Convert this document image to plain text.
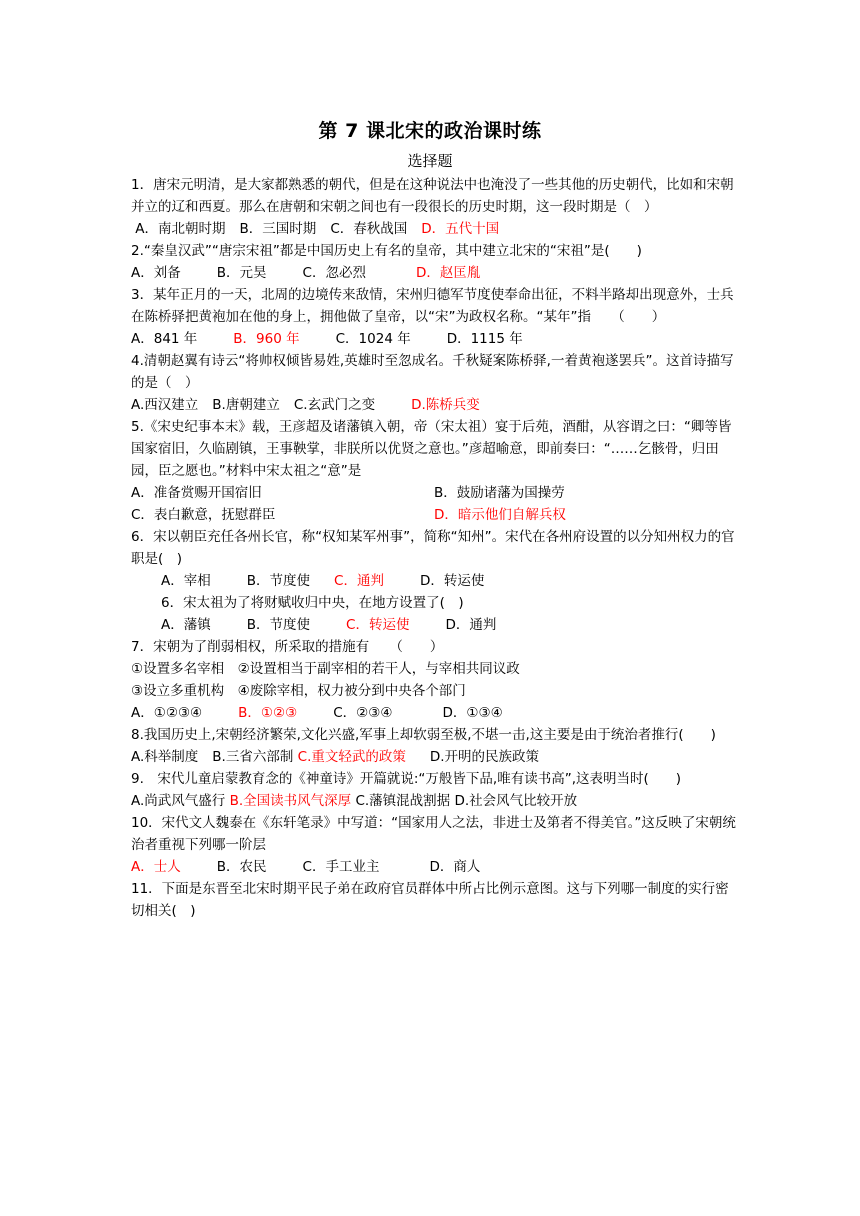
第 7 课北宋的政治课时练
选择题
1．唐宋元明清，是大家都熟悉的朝代，但是在这种说法中也淹没了一些其他的历史朝代，比如和宋朝并立的辽和西夏。那么在唐朝和宋朝之间也有一段很长的历史时期，这一段时期是（　）
A．南北朝时期 B．三国时期 C．春秋战国 D．五代十国
2.“秦皇汉武”“唐宗宋祖”都是中国历史上有名的皇帝，其中建立北宋的“宋祖”是(　　)
A．刘备	B．元昊	C．忽必烈	D．赵匡胤
3．某年正月的一天，北周的边境传来敌情，宋州归德军节度使奉命出征，不料半路却出现意外，士兵在陈桥驿把黄袍加在他的身上，拥他做了皇帝，以“宋”为政权名称。“某年”指　　（　　）
A．841 年	B．960 年	C．1024 年	D．1115 年
4.清朝赵翼有诗云“将帅权倾皆易姓,英雄时至忽成名。千秋疑案陈桥驿,一着黄袍遂罢兵”。这首诗描写的是（　）
A.西汉建立 B.唐朝建立 C.玄武门之变	D.陈桥兵变
5.《宋史纪事本末》载，王彦超及诸藩镇入朝，帝（宋太祖）宴于后苑，酒酣，从容谓之曰：“卿等皆国家宿旧，久临剧镇，王事鞅掌，非朕所以优贤之意也。”彦超喻意，即前奏曰：“……乞骸骨，归田园，臣之愿也。”材料中宋太祖之“意”是
A．准备赏赐开国宿旧	B．鼓励诸藩为国操劳
C．表白歉意，抚慰群臣	D．暗示他们自解兵权
6．宋以朝臣充任各州长官，称“权知某军州事”，简称“知州”。宋代在各州府设置的以分知州权力的官职是(　)
A．宰相	B．节度使 C．通判	D．转运使
6．宋太祖为了将财赋收归中央，在地方设置了(　)
A．藩镇	B．节度使	C．转运使	D．通判
7．宋朝为了削弱相权，所采取的措施有　　（　　）
①设置多名宰相　②设置相当于副宰相的若干人，与宰相共同议政
③设立多重机构　④废除宰相，权力被分到中央各个部门
A．①②③④	B．①②③	C．②③④	D．①③④
8.我国历史上,宋朝经济繁荣,文化兴盛,军事上却软弱至极,不堪一击,这主要是由于统治者推行(　　)
A.科举制度 B.三省六部制 C.重文轻武的政策 D.开明的民族政策
9.　宋代儿童启蒙教育念的《神童诗》开篇就说:“万般皆下品,唯有读书高”,这表明当时(　　)
A.尚武风气盛行 B.全国读书风气深厚 C.藩镇混战割据 D.社会风气比较开放
10．宋代文人魏泰在《东轩笔录》中写道：“国家用人之法，非进士及第者不得美官。”这反映了宋朝统治者重视下列哪一阶层
A．士人	B．农民	C．手工业主	D．商人
11．下面是东晋至北宋时期平民子弟在政府官员群体中所占比例示意图。这与下列哪一制度的实行密切相关(　)
